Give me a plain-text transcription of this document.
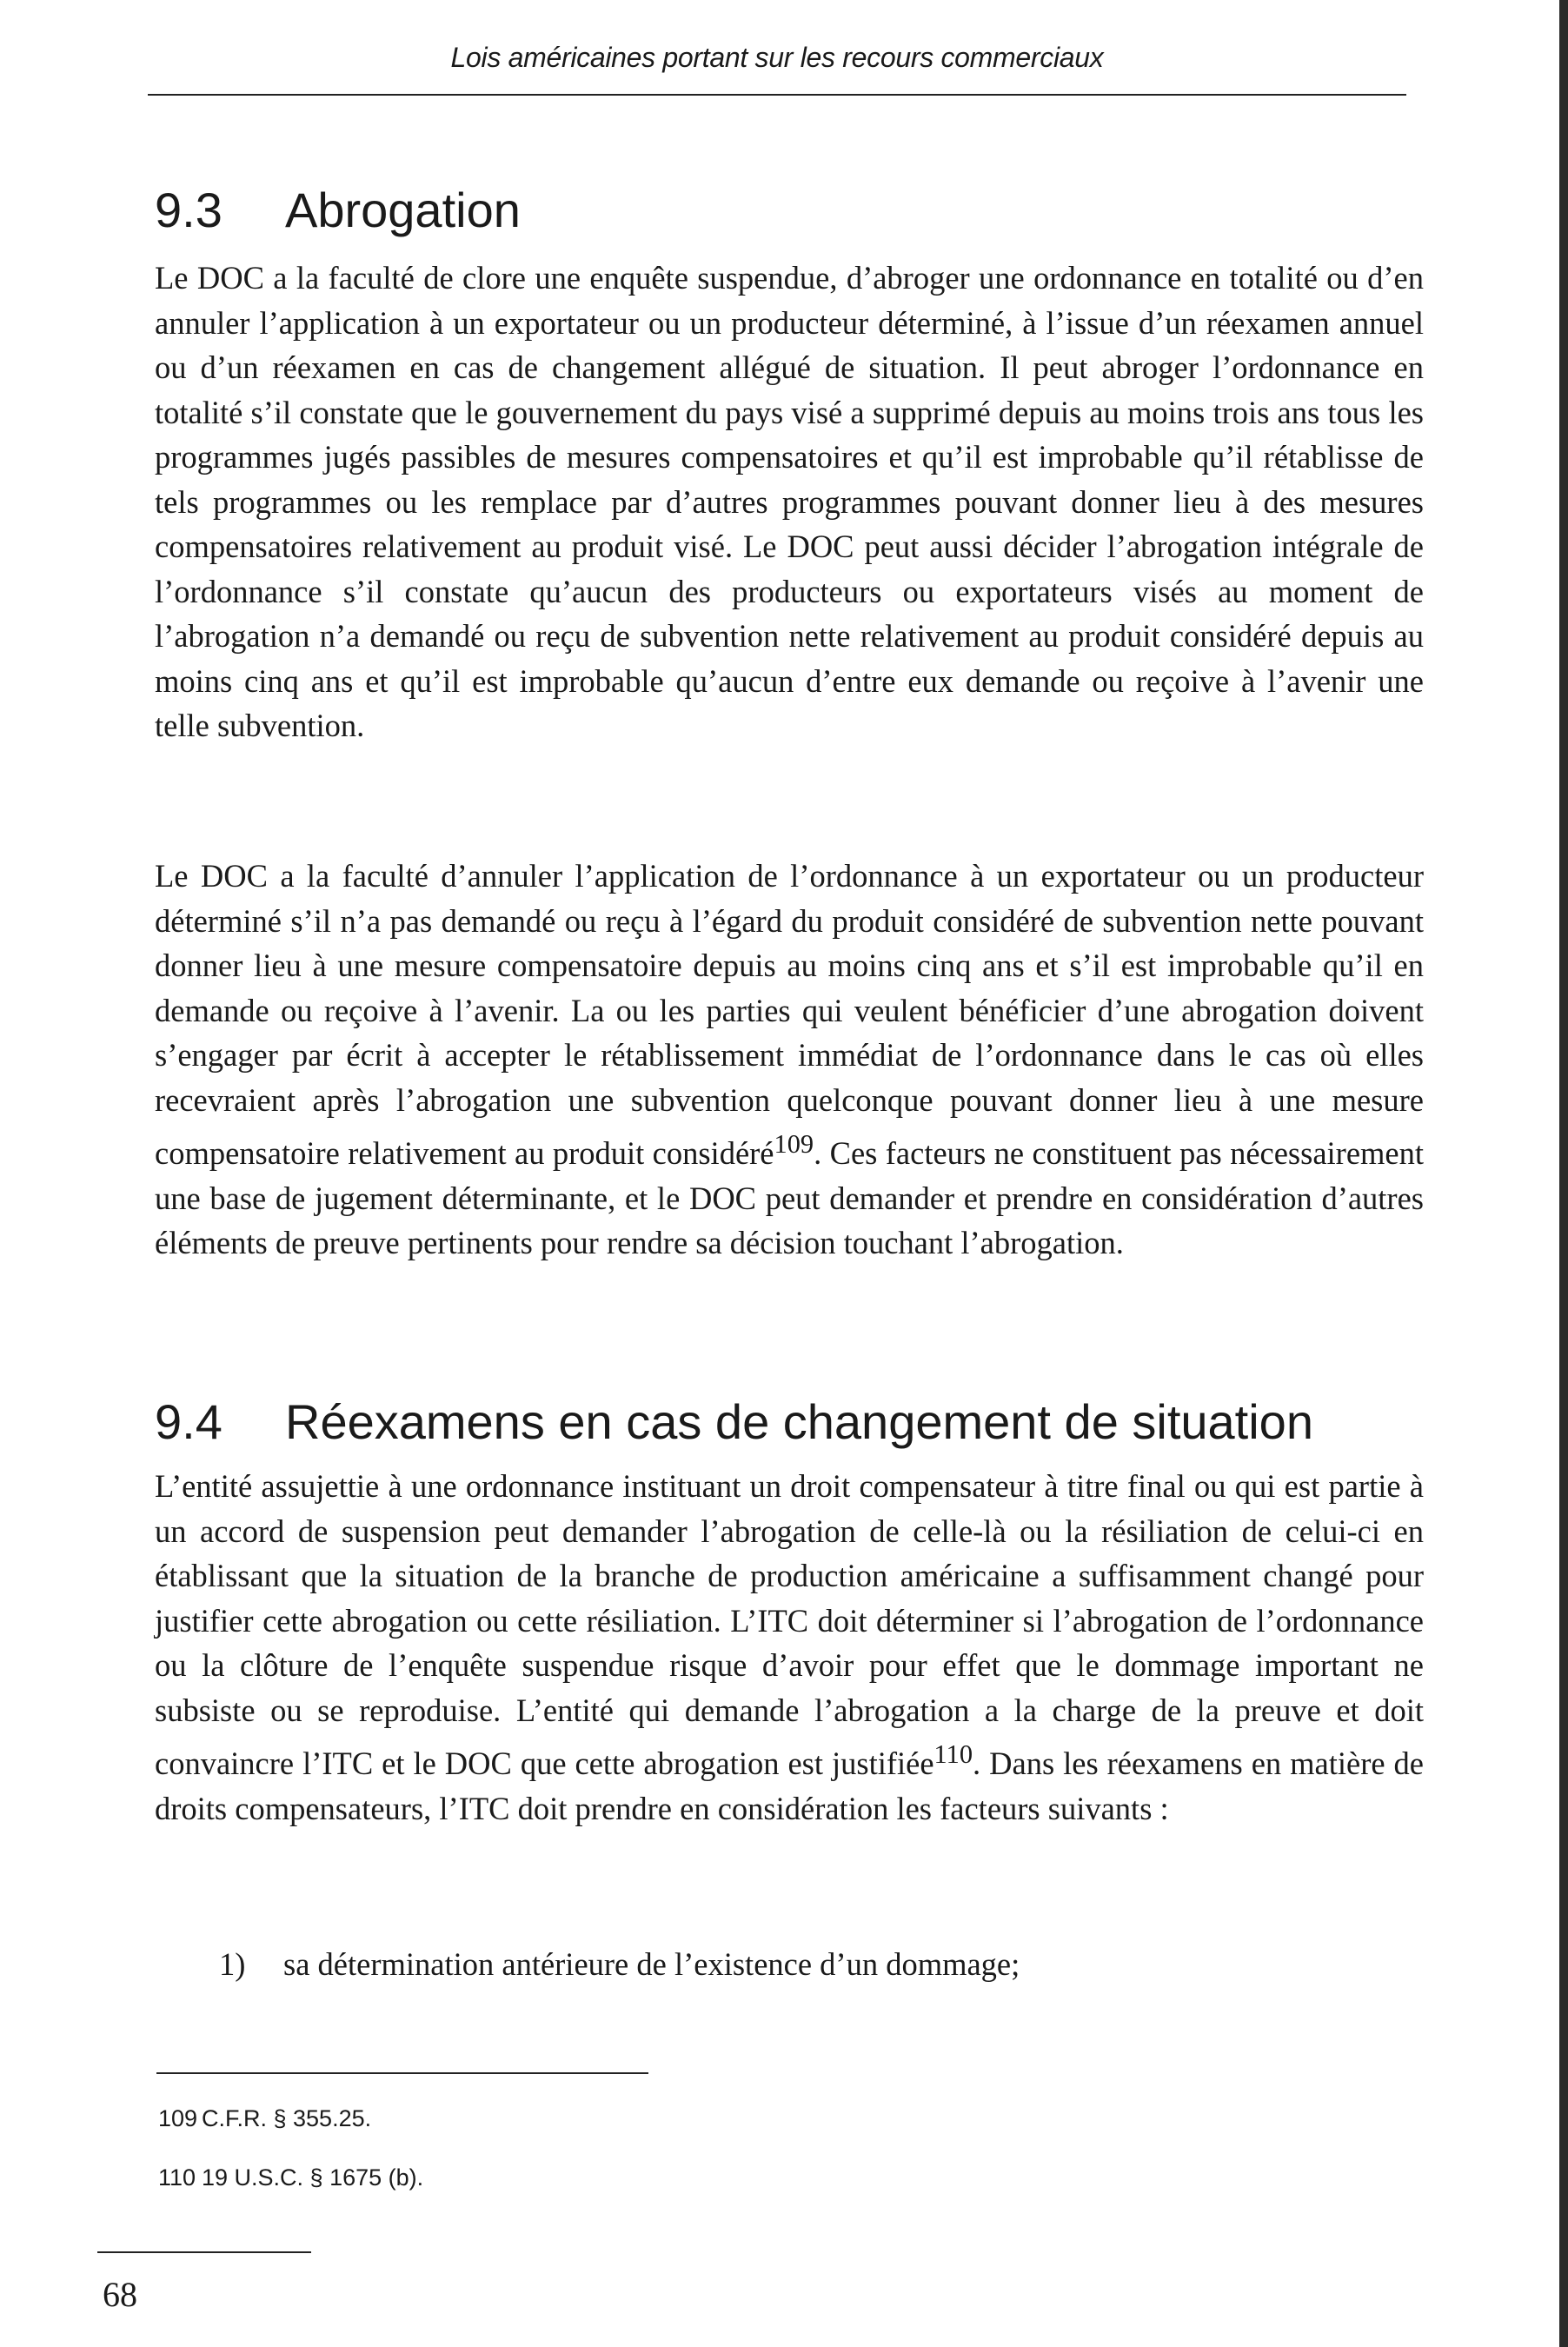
Lois américaines portant sur les recours commerciaux
9.3 Abrogation

Le DOC a la faculté de clore une enquête suspendue, d’abroger une ordonnance en totalité ou d’en annuler l’application à un exportateur ou un producteur déterminé, à l’issue d’un réexamen annuel ou d’un réexamen en cas de changement allégué de situation. Il peut abroger l’ordonnance en totalité s’il constate que le gouvernement du pays visé a supprimé depuis au moins trois ans tous les programmes jugés passibles de mesures compensatoires et qu’il est improbable qu’il rétablisse de tels programmes ou les remplace par d’autres programmes pouvant donner lieu à des mesures compensatoires relativement au produit visé. Le DOC peut aussi décider l’abrogation intégrale de l’ordonnance s’il constate qu’aucun des producteurs ou exportateurs visés au moment de l’abrogation n’a demandé ou reçu de subvention nette relativement au produit considéré depuis au moins cinq ans et qu’il est improbable qu’aucun d’entre eux demande ou reçoive à l’avenir une telle subvention.

Le DOC a la faculté d’annuler l’application de l’ordonnance à un exportateur ou un producteur déterminé s’il n’a pas demandé ou reçu à l’égard du produit considéré de subvention nette pouvant donner lieu à une mesure compensatoire depuis au moins cinq ans et s’il est improbable qu’il en demande ou reçoive à l’avenir. La ou les parties qui veulent bénéficier d’une abrogation doivent s’engager par écrit à accepter le rétablissement immédiat de l’ordonnance dans le cas où elles recevraient après l’abrogation une subvention quelconque pouvant donner lieu à une mesure compensatoire relativement au produit considéré$^{109}$. Ces facteurs ne constituent pas nécessairement une base de jugement déterminante, et le DOC peut demander et prendre en considération d’autres éléments de preuve pertinents pour rendre sa décision touchant l’abrogation.

9.4 Réexamens en cas de changement de situation

L’entité assujettie à une ordonnance instituant un droit compensateur à titre final ou qui est partie à un accord de suspension peut demander l’abrogation de celle-là ou la résiliation de celui-ci en établissant que la situation de la branche de production américaine a suffisamment changé pour justifier cette abrogation ou cette résiliation. L’ITC doit déterminer si l’abrogation de l’ordonnance ou la clôture de l’enquête suspendue risque d’avoir pour effet que le dommage important ne subsiste ou se reproduise. L’entité qui demande l’abrogation a la charge de la preuve et doit convaincre l’ITC et le DOC que cette abrogation est justifiée$^{110}$. Dans les réexamens en matière de droits compensateurs, l’ITC doit prendre en considération les facteurs suivants :

1) sa détermination antérieure de l’existence d’un dommage;

109 C.F.R. § 355.25.

110 19 U.S.C. § 1675 (b).

68
